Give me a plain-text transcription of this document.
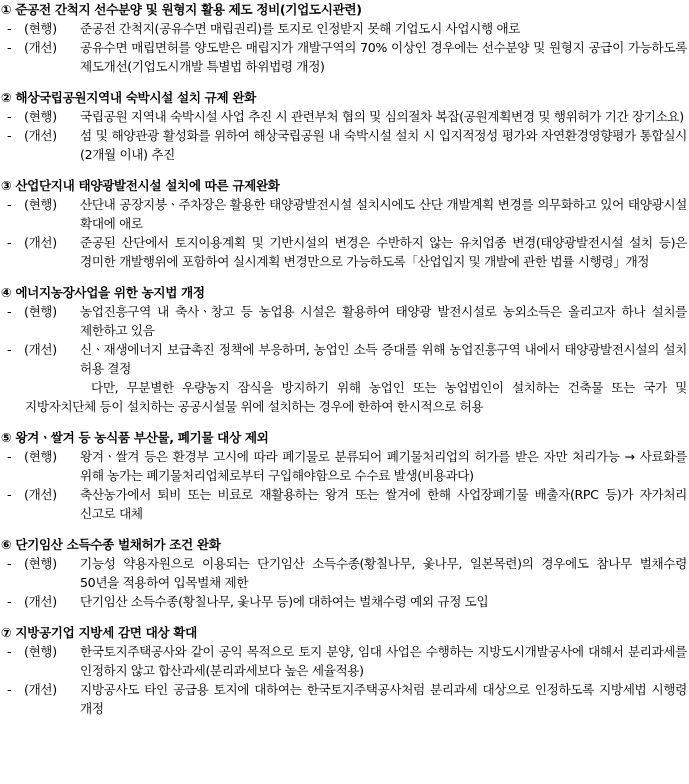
① 준공전 간척지 선수분양 및 원형지 활용 제도 정비(기업도시관련)
- (현행) 준공전 간척지(공유수면 매립권리)를 토지로 인정받지 못해 기업도시 사업시행 애로
- (개선) 공유수면 매립면허를 양도받은 매립지가 개발구역의 70% 이상인 경우에는 선수분양 및 원형지 공급이 가능하도록 제도개선(기업도시개발 특별법 하위법령 개정)
② 해상국립공원지역내 숙박시설 설치 규제 완화
- (현행) 국립공원 지역내 숙박시설 사업 추진 시 관련부처 협의 및 심의절차 복잡(공원계획변경 및 행위허가 기간 장기소요)
- (개선) 섬 및 해양관광 활성화를 위하여 해상국립공원 내 숙박시설 설치 시 입지적정성 평가와 자연환경영향평가 통합실시(2개월 이내) 추진
③ 산업단지내 태양광발전시설 설치에 따른 규제완화
- (현행) 산단내 공장지붕ㆍ주차장은 활용한 태양광발전시설 설치시에도 산단 개발계획 변경를 의무화하고 있어 태양광시설 확대에 애로
- (개선) 준공된 산단에서 토지이용계획 및 기반시설의 변경은 수반하지 않는 유치업종 변경(태양광발전시설 설치 등)은 경미한 개발행위에 포함하여 실시계획 변경만으로 가능하도록「산업입지 및 개발에 관한 법률 시행령」개정
④ 에너지농장사업을 위한 농지법 개정
- (현행) 농업진흥구역 내 축사ㆍ창고 등 농업용 시설은 활용하여 태양광 발전시설로 농외소득은 올리고자 하나 설치를 제한하고 있음
- (개선) 신ㆍ재생에너지 보급촉진 정책에 부응하며, 농업인 소득 증대를 위해 농업진흥구역 내에서 태양광발전시설의 설치 허용 결정
다만, 무분별한 우량농지 잠식을 방지하기 위해 농업인 또는 농업법인이 설치하는 건축물 또는 국가 및 지방자치단체 등이 설치하는 공공시설물 위에 설치하는 경우에 한하여 한시적으로 허용
⑤ 왕겨ㆍ쌀겨 등 농식품 부산물, 폐기물 대상 제외
- (현행) 왕겨ㆍ쌀겨 등은 환경부 고시에 따라 폐기물로 분류되어 폐기물처리업의 허가를 받은 자만 처리가능 → 사료화를 위해 농가는 폐기물처리업체로부터 구입해야함으로 수수료 발생(비용과다)
- (개선) 축산농가에서 퇴비 또는 비료로 재활용하는 왕겨 또는 쌀겨에 한해 사업장폐기물 배출자(RPC 등)가 자가처리 신고로 대체
⑥ 단기임산 소득수종 벌채허가 조건 완화
- (현행) 기능성 약용자원으로 이용되는 단기임산 소득수종(황칠나무, 옻나무, 일본목련)의 경우에도 참나무 벌채수령 50년을 적용하여 입목벌채 제한
- (개선) 단기임산 소득수종(황칠나무, 옻나무 등)에 대하여는 벌채수령 예외 규정 도입
⑦ 지방공기업 지방세 감면 대상 확대
- (현행) 한국토지주택공사와 같이 공익 목적으로 토지 분양, 임대 사업은 수행하는 지방도시개발공사에 대해서 분리과세를 인정하지 않고 합산과세(분리과세보다 높은 세율적용)
- (개선) 지방공사도 타인 공급용 토지에 대하여는 한국토지주택공사처럼 분리과세 대상으로 인정하도록 지방세법 시행령 개정
